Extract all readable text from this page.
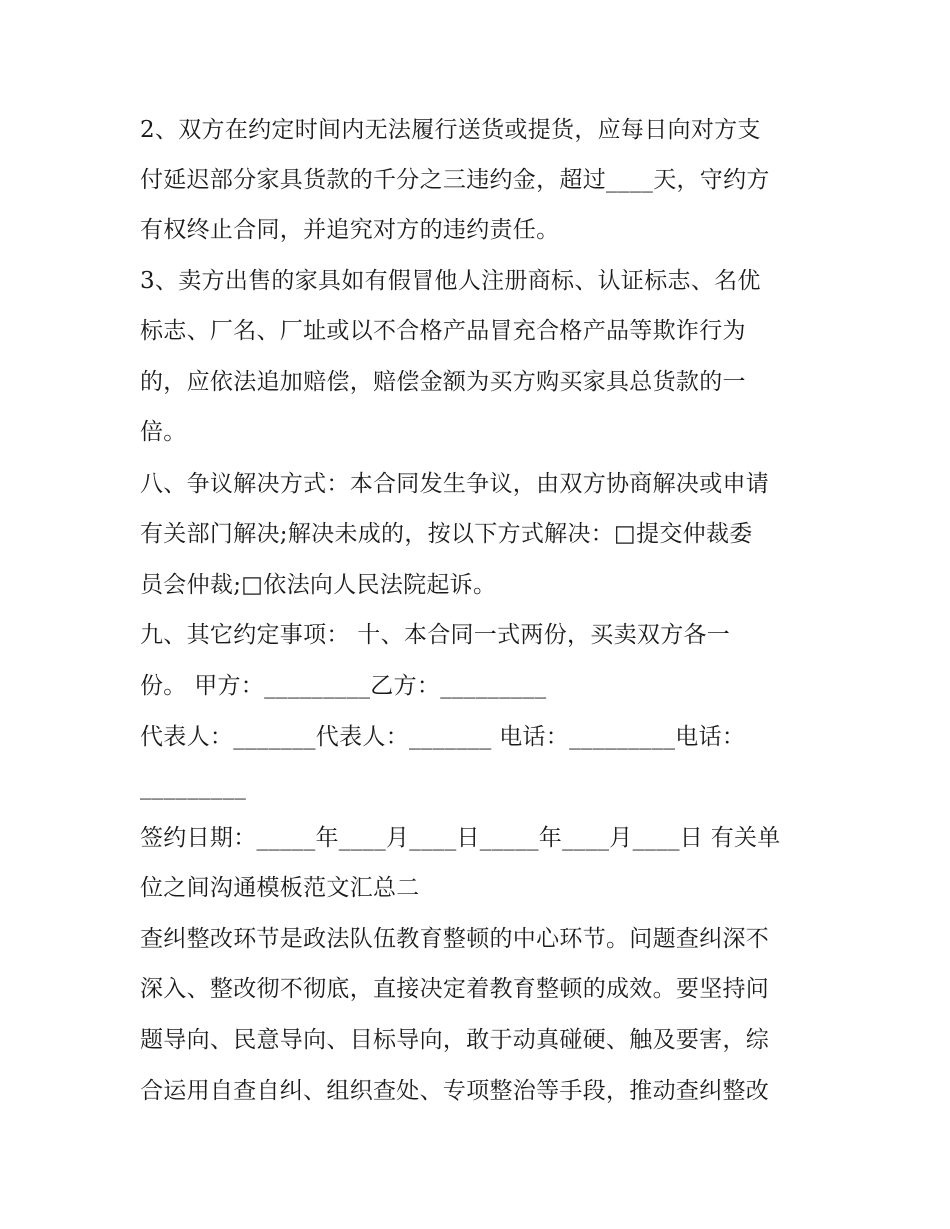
2、双方在约定时间内无法履行送货或提货，应每日向对方支
付延迟部分家具货款的千分之三违约金，超过____天，守约方
有权终止合同，并追究对方的违约责任。
3、卖方出售的家具如有假冒他人注册商标、认证标志、名优
标志、厂名、厂址或以不合格产品冒充合格产品等欺诈行为
的，应依法追加赔偿，赔偿金额为买方购买家具总货款的一
倍。
八、争议解决方式：本合同发生争议，由双方协商解决或申请
有关部门解决;解决未成的，按以下方式解决：□提交仲裁委
员会仲裁;□依法向人民法院起诉。
九、其它约定事项： 十、本合同一式两份，买卖双方各一
份。 甲方：_________乙方：_________
代表人：_______代表人：_______ 电话：_________电话：
_________
签约日期：_____年____月____日_____年____月____日 有关单
位之间沟通模板范文汇总二
查纠整改环节是政法队伍教育整顿的中心环节。问题查纠深不
深入、整改彻不彻底，直接决定着教育整顿的成效。要坚持问
题导向、民意导向、目标导向，敢于动真碰硬、触及要害，综
合运用自查自纠、组织查处、专项整治等手段，推动查纠整改
